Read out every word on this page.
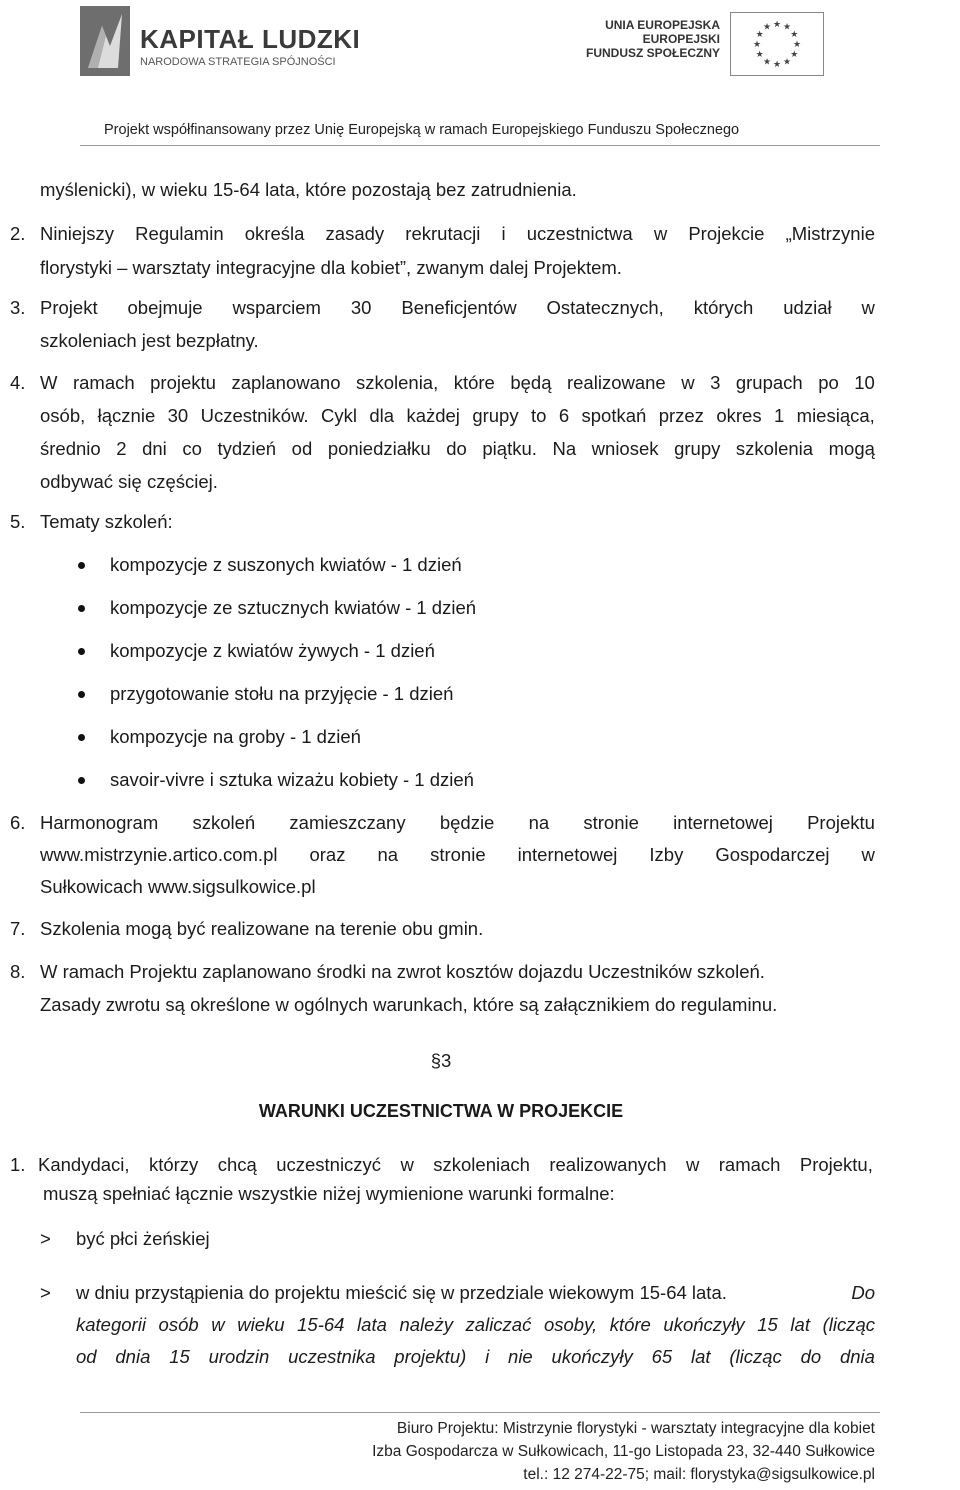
KAPITAŁ LUDZKI
NARODOWA STRATEGIA SPÓJNOŚCI
UNIA EUROPEJSKA
EUROPEJSKI
FUNDUSZ SPOŁECZNY
★ ★
★
★
★
★
★
★
★
★
★
★
Projekt współfinansowany przez Unię Europejską w ramach Europejskiego Funduszu Społecznego
myślenicki), w wieku 15-64 lata, które pozostają bez zatrudnienia.
2. Niniejszy Regulamin określa zasady rekrutacji i uczestnictwa w Projekcie „Mistrzynie
florystyki – warsztaty integracyjne dla kobiet”, zwanym dalej Projektem.
3. Projekt obejmuje wsparciem 30 Beneficjentów Ostatecznych, których udział w
szkoleniach jest bezpłatny.
4. W ramach projektu zaplanowano szkolenia, które będą realizowane w 3 grupach po 10
osób, łącznie 30 Uczestników. Cykl dla każdej grupy to 6 spotkań przez okres 1 miesiąca,
średnio 2 dni co tydzień od poniedziałku do piątku. Na wniosek grupy szkolenia mogą
odbywać się częściej.
5. Tematy szkoleń:
kompozycje z suszonych kwiatów - 1 dzień
kompozycje ze sztucznych kwiatów - 1 dzień
kompozycje z kwiatów żywych - 1 dzień
przygotowanie stołu na przyjęcie - 1 dzień
kompozycje na groby - 1 dzień
savoir-vivre i sztuka wizażu kobiety - 1 dzień
6. Harmonogram szkoleń zamieszczany będzie na stronie internetowej Projektu
www.mistrzynie.artico.com.pl oraz na stronie internetowej Izby Gospodarczej w
Sułkowicach www.sigsulkowice.pl
7. Szkolenia mogą być realizowane na terenie obu gmin.
8. W ramach Projektu zaplanowano środki na zwrot kosztów dojazdu Uczestników szkoleń.
Zasady zwrotu są określone w ogólnych warunkach, które są załącznikiem do regulaminu.
§3
WARUNKI UCZESTNICTWA W PROJEKCIE
1. Kandydaci, którzy chcą uczestniczyć w szkoleniach realizowanych w ramach Projektu,
muszą spełniać łącznie wszystkie niżej wymienione warunki formalne:
> być płci żeńskiej
> w dniu przystąpienia do projektu mieścić się w przedziale wiekowym 15-64 lata.	Do
kategorii osób w wieku 15-64 lata należy zaliczać osoby, które ukończyły 15 lat (licząc
od dnia 15 urodzin uczestnika projektu) i nie ukończyły 65 lat (licząc do dnia
Biuro Projektu: Mistrzynie florystyki - warsztaty integracyjne dla kobiet
Izba Gospodarcza w Sułkowicach, 11-go Listopada 23, 32-440 Sułkowice
tel.: 12 274-22-75; mail: florystyka@sigsulkowice.pl
